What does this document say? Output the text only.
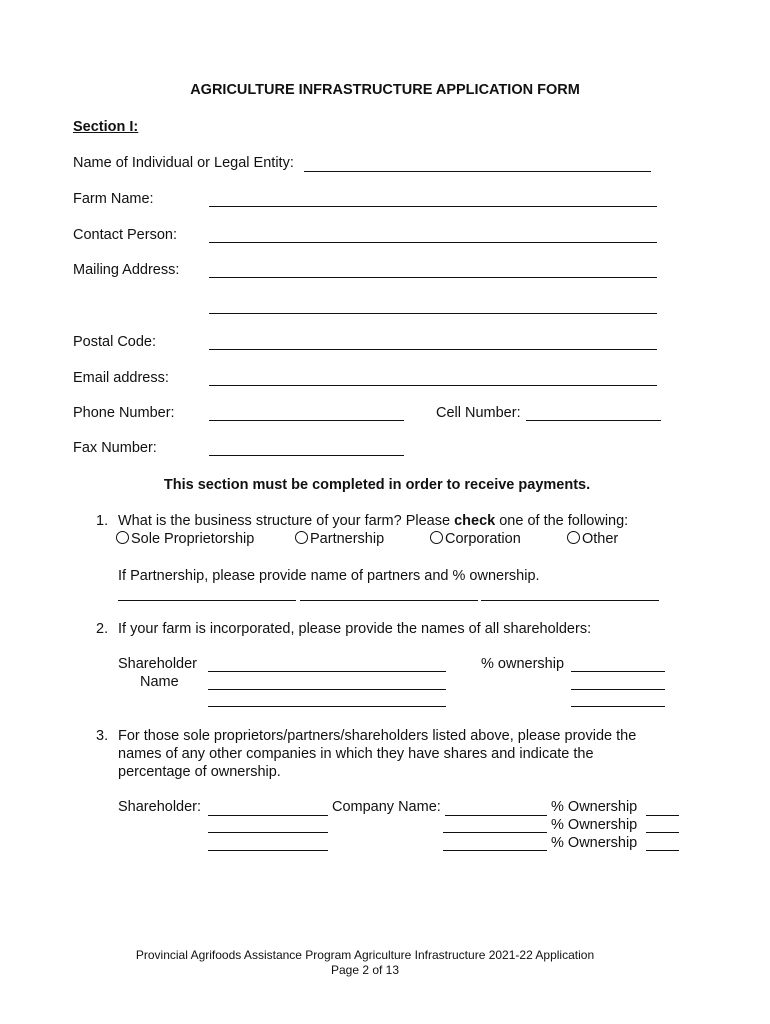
AGRICULTURE INFRASTRUCTURE APPLICATION FORM
Section I:
Name of Individual or Legal Entity:
Farm Name:
Contact Person:
Mailing Address:
Postal Code:
Email address:
Phone Number:	Cell Number:
Fax Number:
This section must be completed in order to receive payments.
1. What is the business structure of your farm? Please check one of the following:
Sole Proprietorship	Partnership	Corporation	Other
If Partnership, please provide name of partners and % ownership.
2. If your farm is incorporated, please provide the names of all shareholders:
Shareholder
Name
% ownership
3. For those sole proprietors/partners/shareholders listed above, please provide the
names of any other companies in which they have shares and indicate the
percentage of ownership.
Shareholder:	Company Name:	% Ownership
% Ownership
% Ownership
Provincial Agrifoods Assistance Program Agriculture Infrastructure 2021-22 Application
Page 2 of 13
